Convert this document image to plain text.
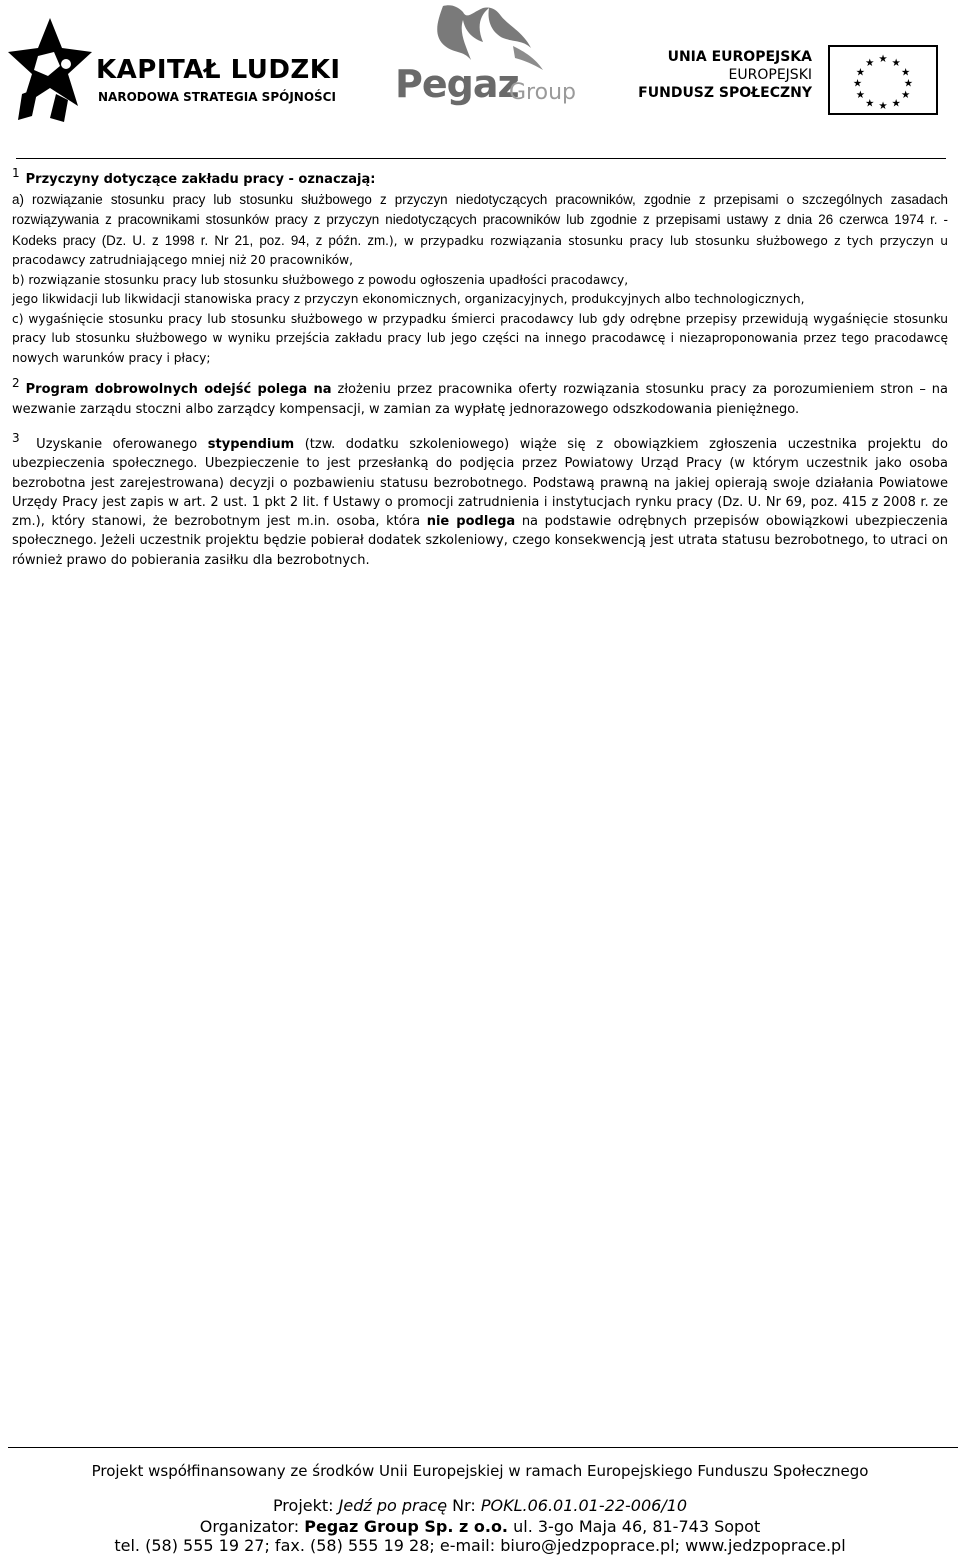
KAPITAŁ LUDZKI
NARODOWA STRATEGIA SPÓJNOŚCI Pegaz
Group
UNIA EUROPEJSKA
EUROPEJSKI
FUNDUSZ SPOŁECZNY
★ ★
★
★
★
★
★
★
★
★
★
★

$^1$ Przyczyny dotyczące zakładu pracy - oznaczają:

a) rozwiązanie stosunku pracy lub stosunku służbowego z przyczyn niedotyczących pracowników, zgodnie z przepisami o szczególnych zasadach rozwiązywania z pracownikami stosunków pracy z przyczyn niedotyczących pracowników lub zgodnie z przepisami ustawy z dnia 26 czerwca 1974 r. - Kodeks pracy (Dz. U. z 1998 r. Nr 21, poz. 94, z późn. zm.), w przypadku rozwiązania stosunku pracy lub stosunku służbowego z tych przyczyn u pracodawcy zatrudniającego mniej niż 20 pracowników,

b) rozwiązanie stosunku pracy lub stosunku służbowego z powodu ogłoszenia upadłości pracodawcy,

jego likwidacji lub likwidacji stanowiska pracy z przyczyn ekonomicznych, organizacyjnych, produkcyjnych albo technologicznych,

c) wygaśnięcie stosunku pracy lub stosunku służbowego w przypadku śmierci pracodawcy lub gdy odrębne przepisy przewidują wygaśnięcie stosunku pracy lub stosunku służbowego w wyniku przejścia zakładu pracy lub jego części na innego pracodawcę i niezaproponowania przez tego pracodawcę nowych warunków pracy i płacy;

$^2$ Program dobrowolnych odejść polega na złożeniu przez pracownika oferty rozwiązania stosunku pracy za porozumieniem stron – na wezwanie zarządu stoczni albo zarządcy kompensacji, w zamian za wypłatę jednorazowego odszkodowania pieniężnego.

$^3$ Uzyskanie oferowanego stypendium (tzw. dodatku szkoleniowego) wiąże się z obowiązkiem zgłoszenia uczestnika projektu do ubezpieczenia społecznego. Ubezpieczenie to jest przesłanką do podjęcia przez Powiatowy Urząd Pracy (w którym uczestnik jako osoba bezrobotna jest zarejestrowana) decyzji o pozbawieniu statusu bezrobotnego. Podstawą prawną na jakiej opierają swoje działania Powiatowe Urzędy Pracy jest zapis w art. 2 ust. 1 pkt 2 lit. f Ustawy o promocji zatrudnienia i instytucjach rynku pracy (Dz. U. Nr 69, poz. 415 z 2008 r. ze zm.), który stanowi, że bezrobotnym jest m.in. osoba, która nie podlega na podstawie odrębnych przepisów obowiązkowi ubezpieczenia społecznego. Jeżeli uczestnik projektu będzie pobierał dodatek szkoleniowy, czego konsekwencją jest utrata statusu bezrobotnego, to utraci on również prawo do pobierania zasiłku dla bezrobotnych.

Projekt współfinansowany ze środków Unii Europejskiej w ramach Europejskiego Funduszu Społecznego
Projekt: Jedź po pracę Nr: POKL.06.01.01-22-006/10
Organizator: Pegaz Group Sp. z o.o. ul. 3-go Maja 46, 81-743 Sopot
tel. (58) 555 19 27; fax. (58) 555 19 28; e-mail: biuro@jedzpoprace.pl; www.jedzpoprace.pl
